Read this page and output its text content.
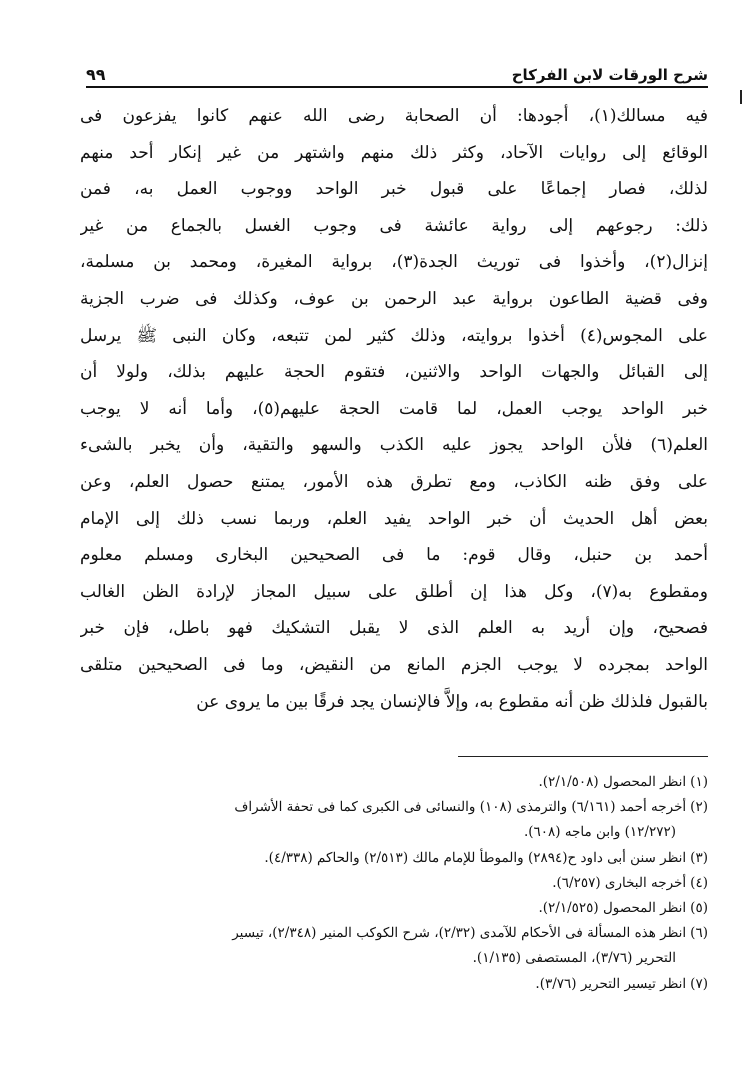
٩٩	شرح الورقات لابن الفركاح
فيه مسالك(١)، أجودها: أن الصحابة رضى الله عنهم كانوا يفزعون فى
الوقائع إلى روايات الآحاد، وكثر ذلك منهم واشتهر من غير إنكار أحد منهم
لذلك، فصار إجماعًا على قبول خبر الواحد ووجوب العمل به، فمن
ذلك: رجوعهم إلى رواية عائشة فى وجوب الغسل بالجماع من غير
إنزال(٢)، وأخذوا فى توريث الجدة(٣)، برواية المغيرة، ومحمد بن مسلمة،
وفى قضية الطاعون برواية عبد الرحمن بن عوف، وكذلك فى ضرب الجزية
على المجوس(٤) أخذوا بروايته، وذلك كثير لمن تتبعه، وكان النبى ﷺ يرسل
إلى القبائل والجهات الواحد والاثنين، فتقوم الحجة عليهم بذلك، ولولا أن
خبر الواحد يوجب العمل، لما قامت الحجة عليهم(٥)، وأما أنه لا يوجب
العلم(٦) فلأن الواحد يجوز عليه الكذب والسهو والتقية، وأن يخبر بالشىء
على وفق ظنه الكاذب، ومع تطرق هذه الأمور، يمتنع حصول العلم، وعن
بعض أهل الحديث أن خبر الواحد يفيد العلم، وربما نسب ذلك إلى الإمام
أحمد بن حنبل، وقال قوم: ما فى الصحيحين البخارى ومسلم معلوم
ومقطوع به(٧)، وكل هذا إن أطلق على سبيل المجاز لإرادة الظن الغالب
فصحيح، وإن أريد به العلم الذى لا يقبل التشكيك فهو باطل، فإن خبر
الواحد بمجرده لا يوجب الجزم المانع من النقيض، وما فى الصحيحين متلقى
بالقبول فلذلك ظن أنه مقطوع به، وإلاَّ فالإنسان يجد فرقًا بين ما يروى عن
(١)انظر المحصول (٢/١/٥٠٨).
(٢)أخرجه أحمد (٦/١٦١) والترمذى (١٠٨) والنسائى فى الكبرى كما فى تحفة الأشراف
(١٢/٢٧٢) وابن ماجه (٦٠٨).
(٣)انظر سنن أبى داود ح(٢٨٩٤) والموطأ للإمام مالك (٢/٥١٣) والحاكم (٤/٣٣٨).
(٤)أخرجه البخارى (٦/٢٥٧).
(٥)انظر المحصول (٢/١/٥٢٥).
(٦)انظر هذه المسألة فى الأحكام للآمدى (٢/٣٢)، شرح الكوكب المنير (٢/٣٤٨)، تيسير
التحرير (٣/٧٦)، المستصفى (١/١٣٥).
(٧)انظر تيسير التحرير (٣/٧٦).
